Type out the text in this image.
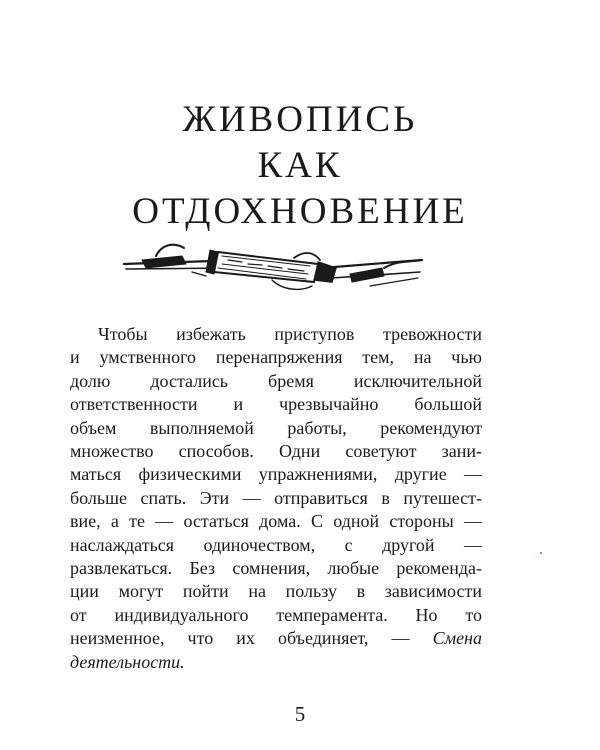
ЖИВОПИСЬ
КАК
ОТДОХНОВЕНИЕ
Чтобы избежать приступов тревожности
и умственного перенапряжения тем, на чью
долю достались бремя исключительной
ответственности и чрезвычайно большой
объем выполняемой работы, рекомендуют
множество способов. Одни советуют зани-
маться физическими упражнениями, другие —
больше спать. Эти — отправиться в путешест-
вие, а те — остаться дома. С одной стороны —
наслаждаться одиночеством, с другой —
развлекаться. Без сомнения, любые рекоменда-
ции могут пойти на пользу в зависимости
от индивидуального темперамента. Но то
неизменное, что их объединяет, — Смена
деятельности.
5
